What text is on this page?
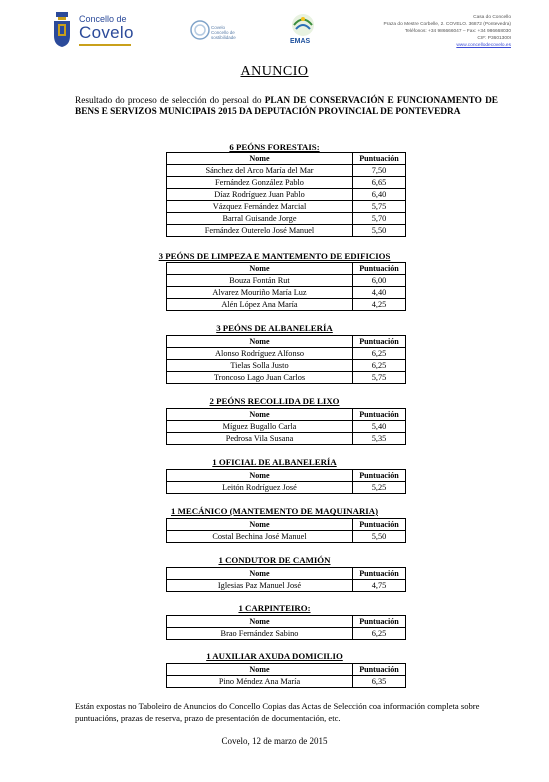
Concello de
Covelo	Covelo
Concello de
sostibilidade
EMAS
Casa do Concello
Praza do Mestre Corbelle, 2. COVELO. 36872 (Pontevedra)
Teléfonos: +34 986666047 – Fax: +34 986668030
CIF: P3601300I
www.concellodecovelo.es
ANUNCIO
Resultado do proceso de selección do persoal do PLAN DE CONSERVACIÓN E FUNCIONAMENTO DE BENS E SERVIZOS MUNICIPAIS 2015 DA DEPUTACIÓN PROVINCIAL DE PONTEVEDRA
6 PEÓNS FORESTAIS:
Nome	Puntuación
Sánchez del Arco María del Mar	7,50
Fernández González Pablo	6,65
Díaz Rodríguez Juan Pablo	6,40
Vázquez Fernández Marcial	5,75
Barral Guisande Jorge	5,70
Fernández Outerelo José Manuel	5,50
3 PEÓNS DE LIMPEZA E MANTEMENTO DE EDIFICIOS
Nome	Puntuación
Bouza Fontán Rut	6,00
Alvarez Mouriño María Luz	4,40
Alén López Ana María	4,25
3 PEÓNS DE ALBANELERÍA
Nome	Puntuación
Alonso Rodríguez Alfonso	6,25
Tielas Solla Justo	6,25
Troncoso Lago Juan Carlos	5,75
2 PEÓNS RECOLLIDA DE LIXO
Nome	Puntuación
Míguez Bugallo Carla	5,40
Pedrosa Vila Susana	5,35
1 OFICIAL DE ALBANELERÍA
Nome	Puntuación
Leitón Rodríguez José	5,25
1 MECÁNICO (MANTEMENTO DE MAQUINARIA)
Nome	Puntuación
Costal Bechina José Manuel	5,50
1 CONDUTOR DE CAMIÓN
Nome	Puntuación
Iglesias Paz Manuel José	4,75
1 CARPINTEIRO:
Nome	Puntuación
Brao Fernández Sabino	6,25
1 AUXILIAR AXUDA DOMICILIO
Nome	Puntuación
Pino Méndez Ana María	6,35
Están expostas no Taboleiro de Anuncios do Concello Copias das Actas de Selección coa información completa sobre puntuacións, prazas de reserva, prazo de presentación de documentación, etc.
Covelo, 12 de marzo de 2015
